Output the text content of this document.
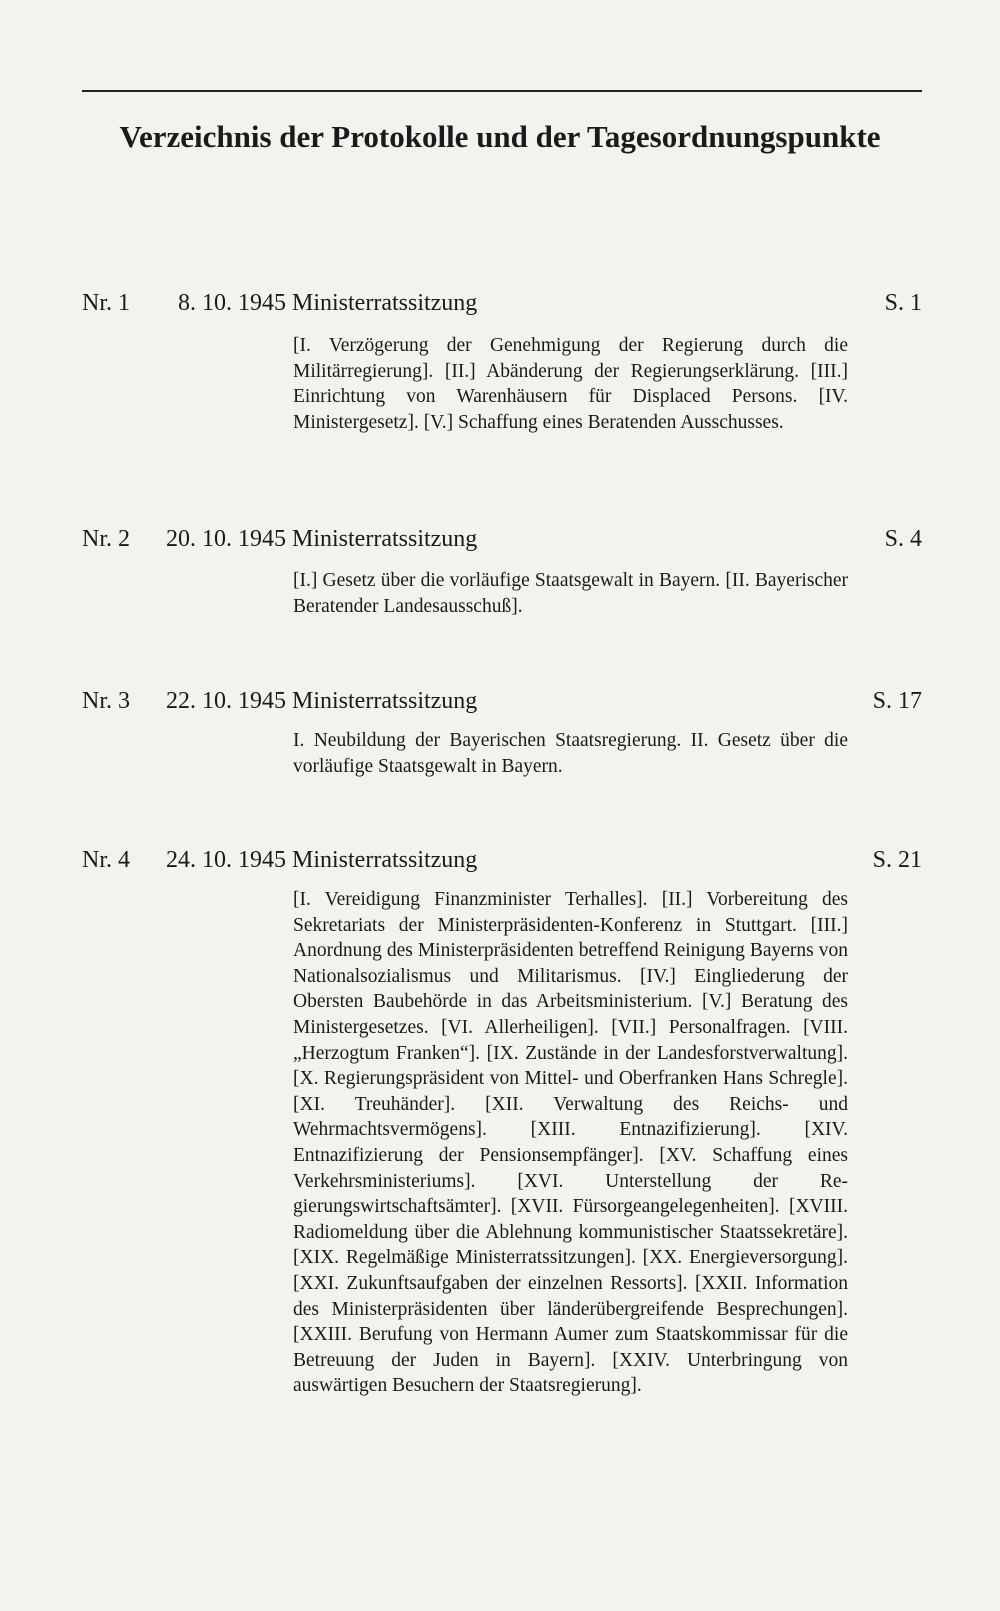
Verzeichnis der Protokolle und der Tagesordnungspunkte
Nr. 1	8. 10. 1945 Ministerratssitzung	S. 1
[I. Verzögerung der Genehmigung der Regierung durch die Militärregierung]. [II.] Abänderung der Regierungserklärung. [III.] Einrichtung von Warenhäusern für Displaced Persons. [IV. Ministergesetz]. [V.] Schaffung eines Beratenden Ausschusses.
Nr. 2	20. 10. 1945 Ministerratssitzung	S. 4
[I.] Gesetz über die vorläufige Staatsgewalt in Bayern. [II. Bayerischer Beratender Landesausschuß].
Nr. 3	22. 10. 1945 Ministerratssitzung	S. 17
I. Neubildung der Bayerischen Staatsregierung. II. Gesetz über die vorläufige Staatsgewalt in Bayern.
Nr. 4	24. 10. 1945 Ministerratssitzung	S. 21
[I. Vereidigung Finanzminister Terhalles]. [II.] Vorbereitung des Sekretariats der Ministerpräsidenten-Konferenz in Stuttgart. [III.] Anordnung des Ministerpräsidenten betreffend Reinigung Bayerns von Nationalsozialismus und Militarismus. [IV.] Eingliederung der Obersten Baubehörde in das Arbeitsministerium. [V.] Beratung des Ministergesetzes. [VI. Allerheiligen]. [VII.] Personalfragen. [VIII. „Herzogtum Franken“]. [IX. Zustände in der Landesforstverwaltung]. [X. Regierungspräsident von Mittel- und Oberfranken Hans Schregle]. [XI. Treuhänder]. [XII. Verwaltung des Reichs- und Wehrmachtsvermögens]. [XIII. Entnazifizierung]. [XIV. Entnazifizierung der Pensionsempfänger]. [XV. Schaffung eines Verkehrsministeriums]. [XVI. Unterstellung der Regierungswirtschaftsämter]. [XVII. Fürsorgeangelegenheiten]. [XVIII. Radiomeldung über die Ablehnung kommunistischer Staatssekretäre]. [XIX. Regelmäßige Ministerratssitzungen]. [XX. Energieversorgung]. [XXI. Zukunftsaufgaben der einzelnen Ressorts]. [XXII. Information des Ministerpräsidenten über länderübergreifende Besprechungen]. [XXIII. Berufung von Hermann Aumer zum Staatskommissar für die Betreuung der Juden in Bayern]. [XXIV. Unterbringung von auswärtigen Besuchern der Staatsregierung].
